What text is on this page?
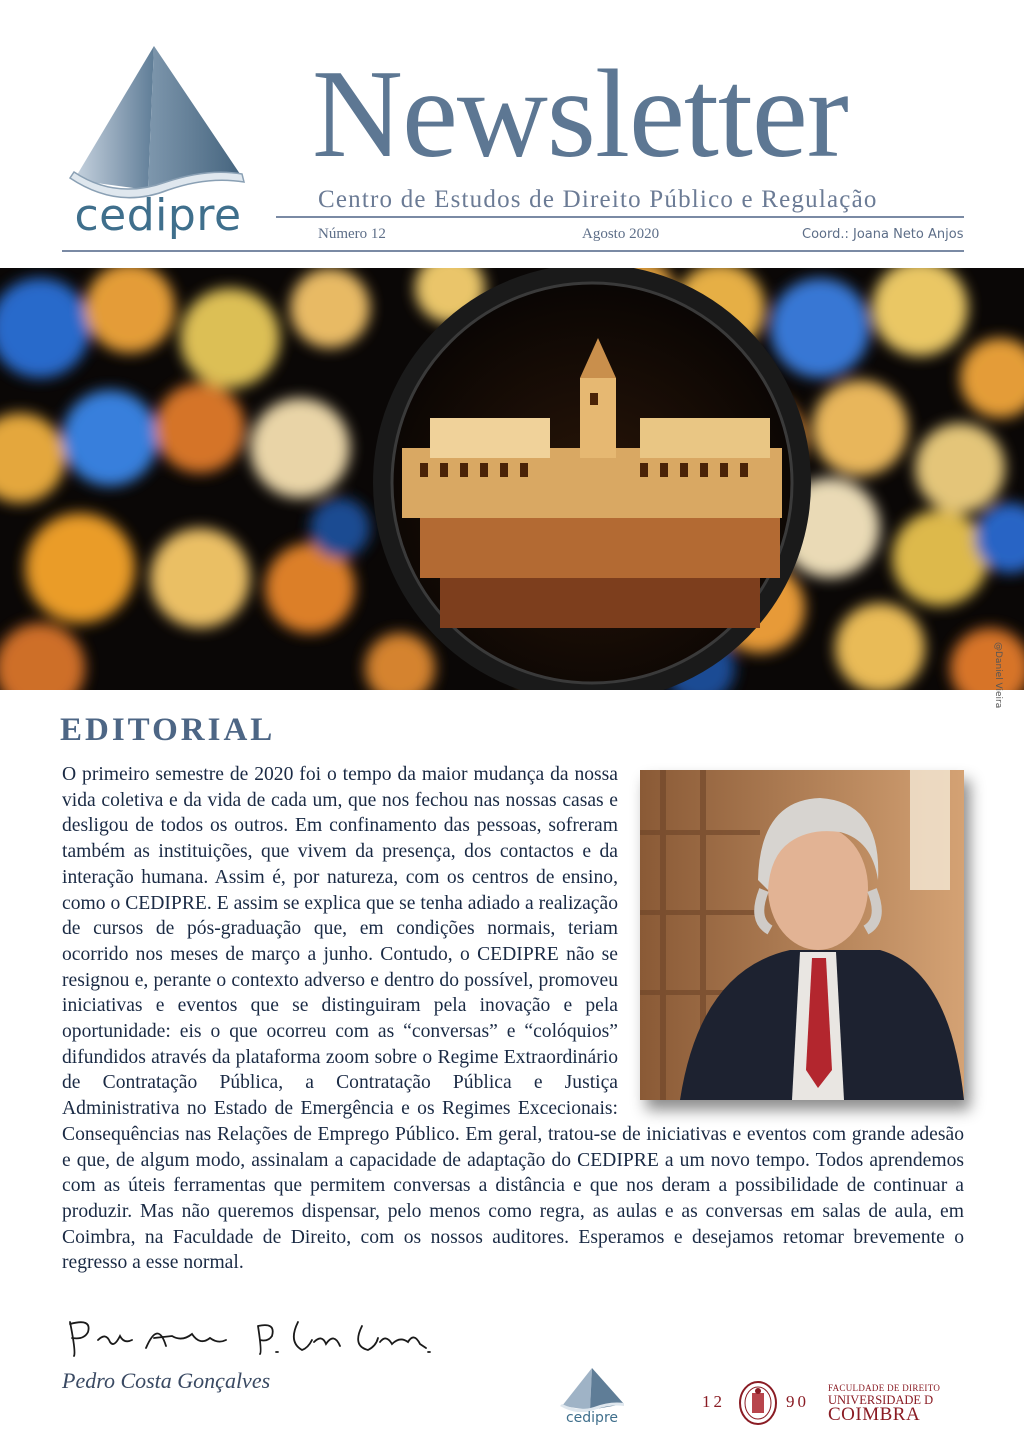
cedipre
Newsletter
Centro de Estudos de Direito Público e Regulação
Número 12	Agosto 2020	Coord.: Joana Neto Anjos
@Daniel Vieira
EDITORIAL

O primeiro semestre de 2020 foi o tempo da maior mudança da nossa vida coletiva e da vida de cada um, que nos fechou nas nossas casas e desligou de todos os outros. Em confinamento das pessoas, sofreram também as instituições, que vivem da presença, dos contactos e da interação humana. Assim é, por natureza, com os centros de ensino, como o CEDIPRE. E assim se explica que se tenha adiado a realização de cursos de pós-graduação que, em condições normais, teriam ocorrido nos meses de março a junho. Contudo, o CEDIPRE não se resignou e, perante o contexto adverso e dentro do possível, promoveu iniciativas e eventos que se distinguiram pela inovação e pela oportunidade: eis o que ocorreu com as “conversas” e “colóquios” difundidos através da plataforma zoom sobre o Regime Extraordinário de Contratação Pública, a Contratação Pública e Justiça Administrativa no Estado de Emergência e os Regimes Excecionais: Consequências nas Relações de Emprego Público. Em geral, tratou-se de iniciativas e eventos com grande adesão e que, de algum modo, assinalam a capacidade de adaptação do CEDIPRE a um novo tempo. Todos aprendemos com as úteis ferramentas que permitem conversas a distância e que nos deram a possibilidade de continuar a produzir. Mas não queremos dispensar, pelo menos como regra, as aulas e as conversas em salas de aula, em Coimbra, na Faculdade de Direito, com os nossos auditores. Esperamos e desejamos retomar brevemente o regresso a esse normal.

Pedro Costa Gonçalves
cedipre
12	90
FACULDADE DE DIREITO
UNIVERSIDADE D
COIMBRA
